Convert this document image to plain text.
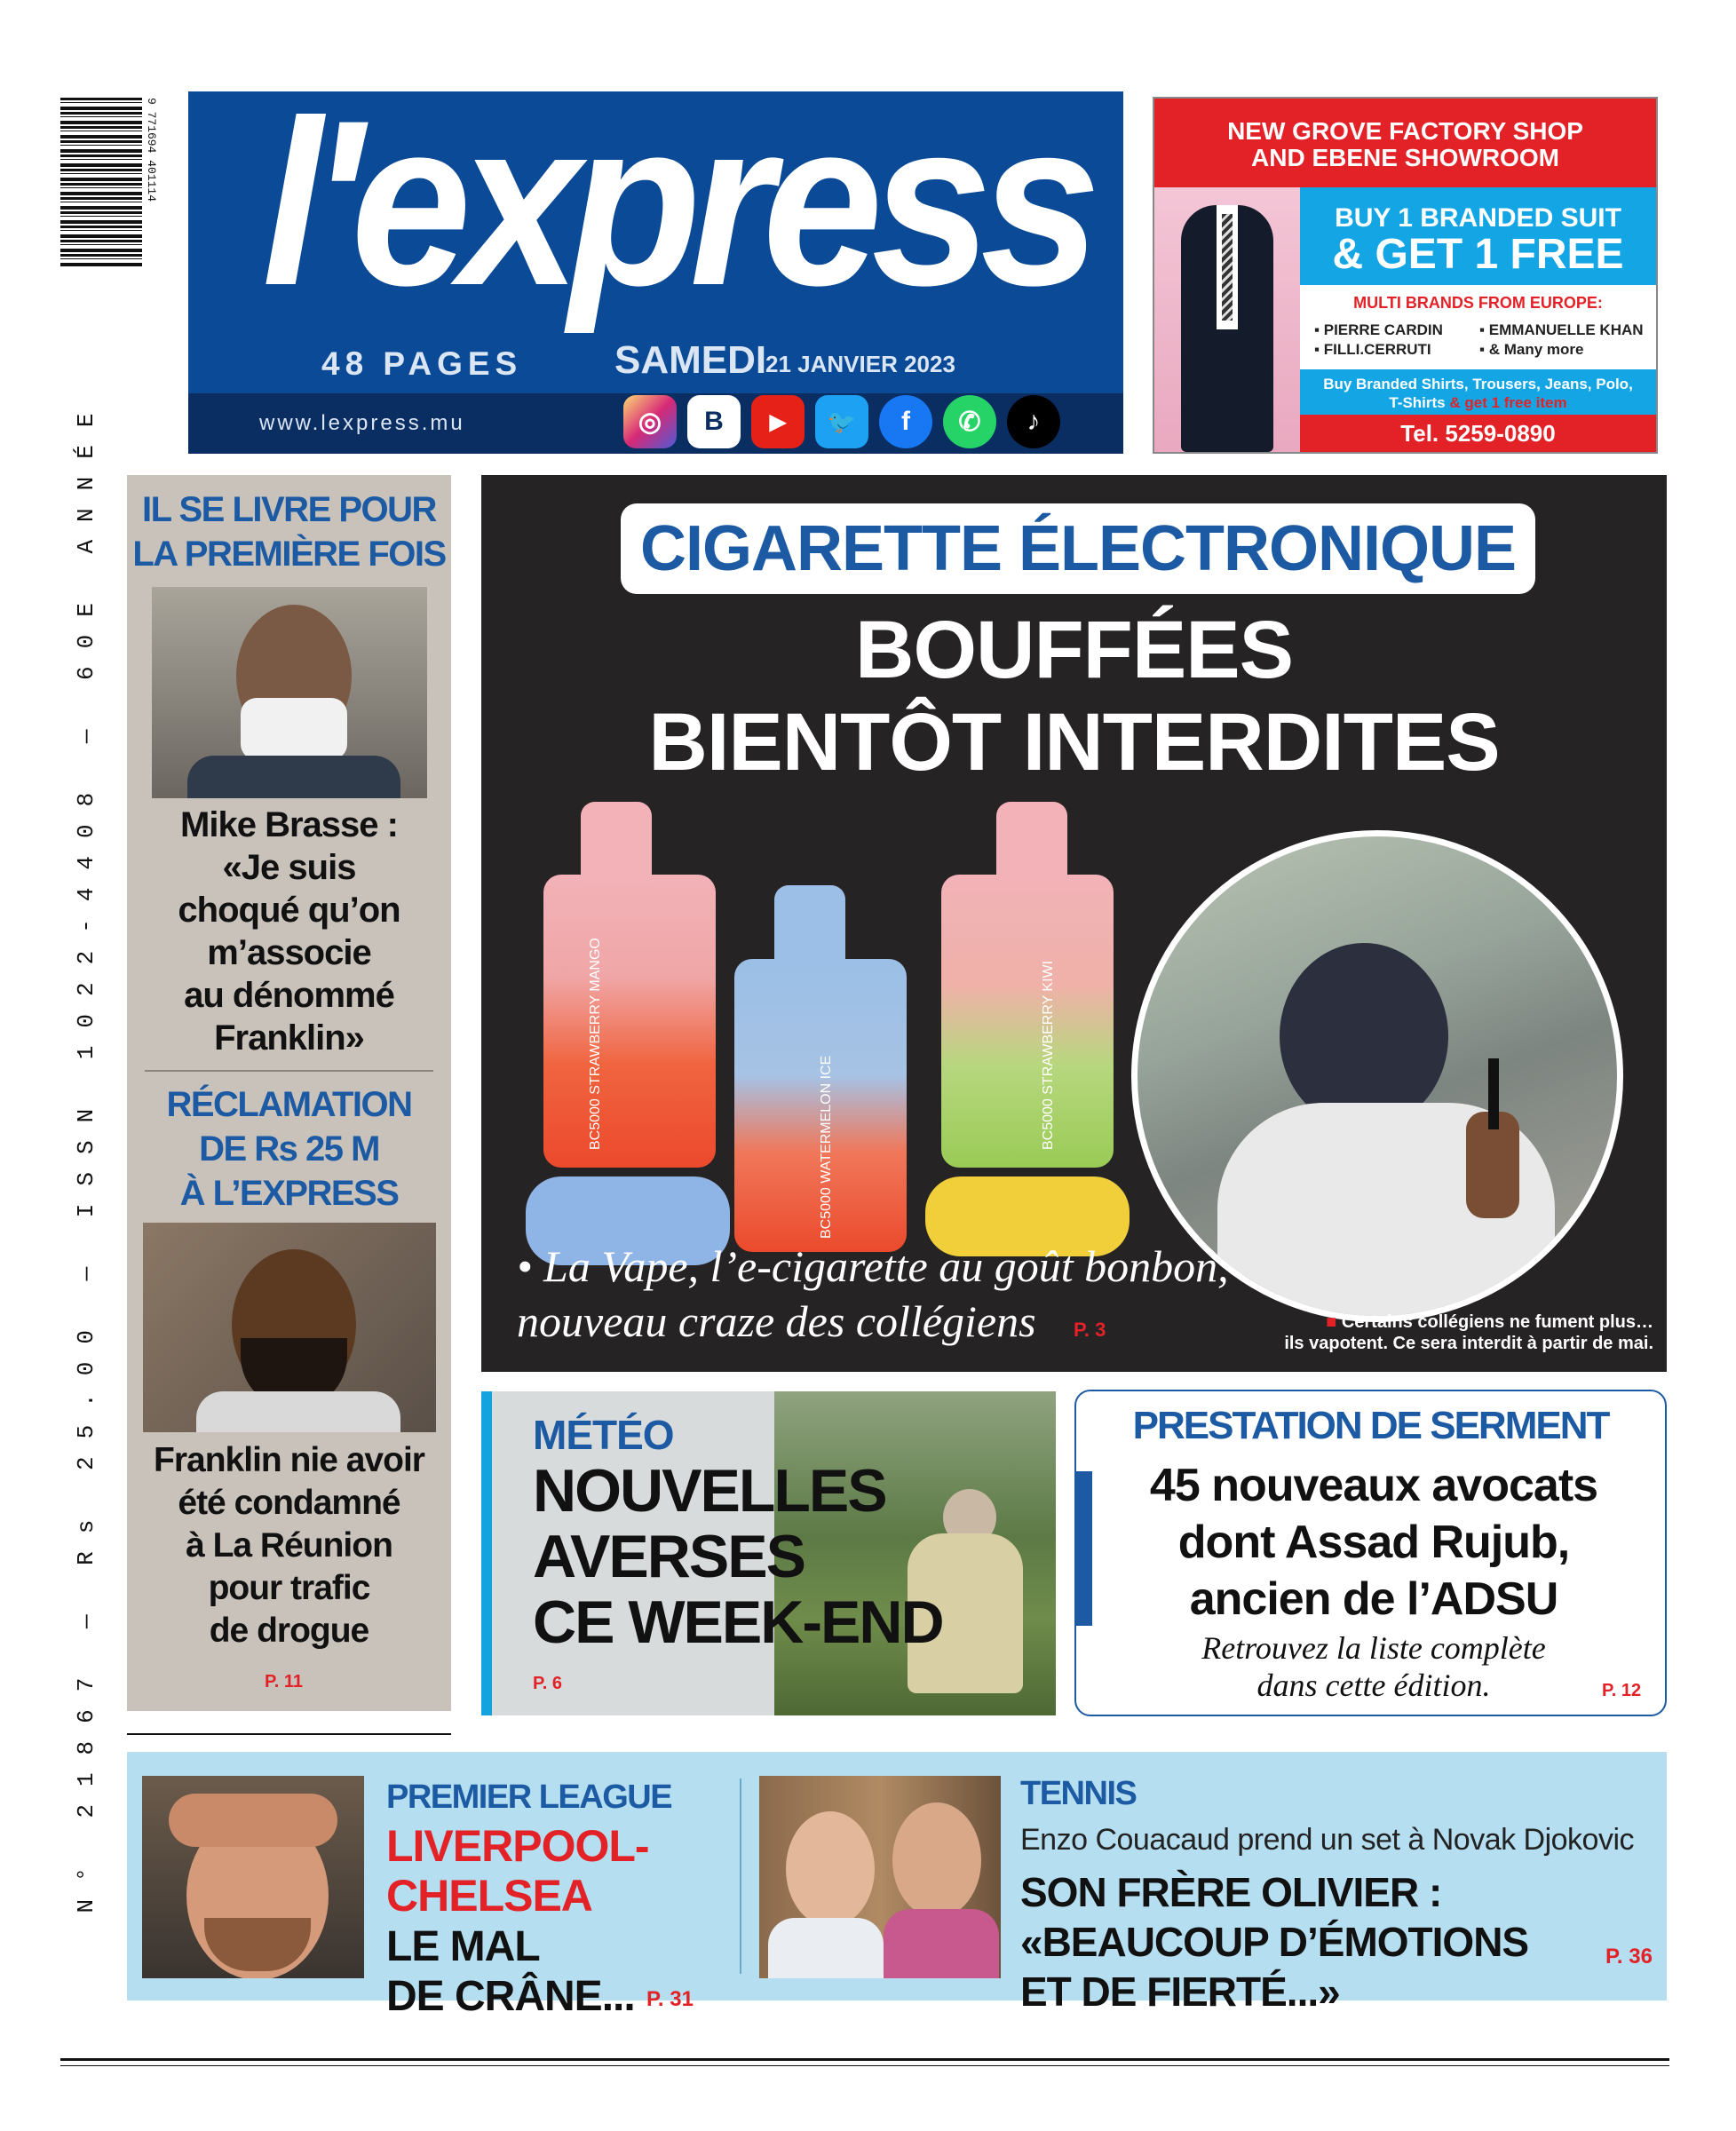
9 771694 401114
N° 21867 — Rs 25.00 — ISSN 1022-4408 — 60E ANNÉE
l'express
48 PAGES SAMEDI
21 JANVIER 2023
www.lexpress.mu	◎ B ▶ 🐦 f ✆ ♪
NEW GROVE FACTORY SHOP
AND EBENE SHOWROOM
BUY 1 BRANDED SUIT
& GET 1 FREE
MULTI BRANDS FROM EUROPE:
▪ PIERRE CARDIN ▪ EMMANUELLE KHAN ▪ FILLI.CERRUTI	▪ & Many more
Buy Branded Shirts, Trousers, Jeans, Polo,
T-Shirts & get 1 free item
Tel. 5259-0890
IL SE LIVRE POUR
LA PREMIÈRE FOIS
Mike Brasse :
«Je suis
choqué qu’on
m’associe
au dénommé
Franklin»
RÉCLAMATION
DE Rs 25 M
À L’EXPRESS
Franklin nie avoir
été condamné
à La Réunion
pour trafic
de drogue
P. 11
CIGARETTE ÉLECTRONIQUE
BOUFFÉES
BIENTÔT INTERDITES
BC5000 STRAWBERRY MANGO	BC5000 WATERMELON ICE	BC5000 STRAWBERRY KIWI
• La Vape, l’e-cigarette au goût bonbon,
nouveau craze des collégiens P. 3	■ Certains collégiens ne fument plus…
ils vapotent. Ce sera interdit à partir de mai.
MÉTÉO
NOUVELLES
AVERSES
CE WEEK-END
P. 6
PRESTATION DE SERMENT
45 nouveaux avocats
dont Assad Rujub,
ancien de l’ADSU
Retrouvez la liste complète
dans cette édition.	P. 12
PREMIER LEAGUE
LIVERPOOL-
CHELSEA
LE MAL
TENNIS
Enzo Couacaud prend un set à Novak Djokovic
SON FRÈRE OLIVIER :
«BEAUCOUP D’ÉMOTIONS
ET DE FIERTÉ...»
DE CRÂNE... P. 31
P. 36
